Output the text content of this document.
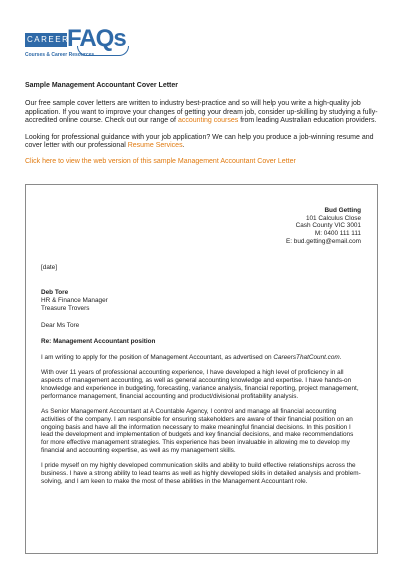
CAREER
FAQs
Courses & Career Resources

Sample Management Accountant Cover Letter

Our free sample cover letters are written to industry best-practice and so will help you write a high-quality job application. If you want to improve your changes of getting your dream job, consider up-skilling by studying a fully-accredited online course. Check out our range of accounting courses from leading Australian education providers.

Looking for professional guidance with your job application? We can help you produce a job-winning resume and cover letter with our professional Resume Services.

Click here to view the web version of this sample Management Accountant Cover Letter

Bud Getting
101 Calculus Close
Cash County VIC 3001
M: 0400 111 111
E: bud.getting@email.com

[date]

Deb Tore
HR & Finance Manager
Treasure Trovers

Dear Ms Tore

Re: Management Accountant position

I am writing to apply for the position of Management Accountant, as advertised on CareersThatCount.com.

With over 11 years of professional accounting experience, I have developed a high level of proficiency in all aspects of management accounting, as well as general accounting knowledge and expertise. I have hands-on knowledge and experience in budgeting, forecasting, variance analysis, financial reporting, project management, performance management, financial accounting and product/divisional profitability analysis.

As Senior Management Accountant at A Countable Agency, I control and manage all financial accounting activities of the company. I am responsible for ensuring stakeholders are aware of their financial position on an ongoing basis and have all the information necessary to make meaningful financial decisions. In this position I lead the development and implementation of budgets and key financial decisions, and make recommendations for more effective management strategies. This experience has been invaluable in allowing me to develop my financial and accounting expertise, as well as my management skills.

I pride myself on my highly developed communication skills and ability to build effective relationships across the business. I have a strong ability to lead teams as well as highly developed skills in detailed analysis and problem-solving, and I am keen to make the most of these abilities in the Management Accountant role.
